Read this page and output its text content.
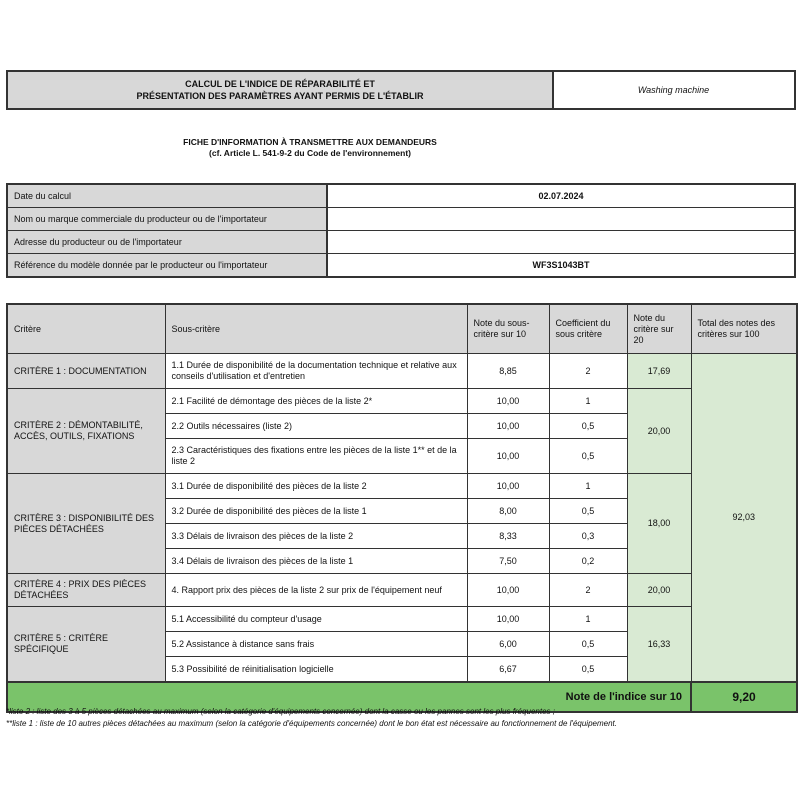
CALCUL DE L'INDICE DE RÉPARABILITÉ ET
PRÉSENTATION DES PARAMÈTRES AYANT PERMIS DE L'ÉTABLIR
Washing machine
FICHE D'INFORMATION À TRANSMETTRE AUX DEMANDEURS
(cf. Article L. 541-9-2 du Code de l'environnement)
Date du calcul	02.07.2024
Nom ou marque commerciale du producteur ou de l'importateur	
Adresse du producteur ou de l'importateur	
Référence du modèle donnée par le producteur ou l'importateur	WF3S1043BT
Critère	Sous-critère	Note du sous-critère sur 10	Coefficient du sous critère	Note du critère sur 20	Total des notes des critères sur 100
CRITÈRE 1 : DOCUMENTATION	1.1 Durée de disponibilité de la documentation technique et relative aux conseils d'utilisation et d'entretien	8,85	2	17,69	92,03
CRITÈRE 2 : DÉMONTABILITÉ, ACCÈS, OUTILS, FIXATIONS	2.1 Facilité de démontage des pièces de la liste 2*	10,00	1	20,00	
	2.2 Outils nécessaires (liste 2)	10,00	0,5		
	2.3 Caractéristiques des fixations entre les pièces de la liste 1** et de la liste 2	10,00	0,5		
CRITÈRE 3 : DISPONIBILITÉ DES PIÈCES DÉTACHÉES	3.1 Durée de disponibilité des pièces de la liste 2	10,00	1	18,00	
	3.2 Durée de disponibilité des pièces de la liste 1	8,00	0,5		
	3.3 Délais de livraison des pièces de la liste 2	8,33	0,3		
	3.4 Délais de livraison des pièces de la liste 1	7,50	0,2		
CRITÈRE 4 : PRIX DES PIÈCES DÉTACHÉES	4. Rapport prix des pièces de la liste 2 sur prix de l'équipement neuf	10,00	2	20,00	
CRITÈRE 5 : CRITÈRE SPÉCIFIQUE	5.1 Accessibilité du compteur d'usage	10,00	1	16,33	
	5.2 Assistance à distance sans frais	6,00	0,5		
	5.3 Possibilité de réinitialisation logicielle	6,67	0,5		
Note de l'indice sur 10					9,20
*liste 2 : liste des 3 à 5 pièces détachées au maximum (selon la catégorie d'équipements concernée) dont la casse ou les pannes sont les plus fréquentes ;
**liste 1 : liste de 10 autres pièces détachées au maximum (selon la catégorie d'équipements concernée) dont le bon état est nécessaire au fonctionnement de l'équipement.
